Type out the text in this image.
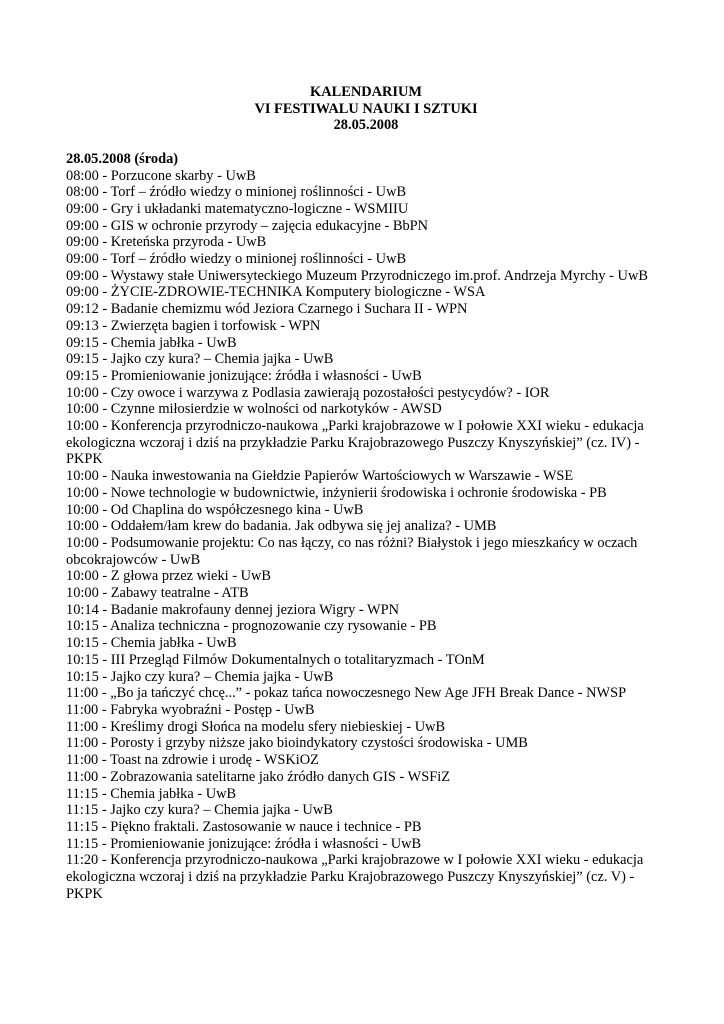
KALENDARIUM
VI FESTIWALU NAUKI I SZTUKI
28.05.2008
28.05.2008 (środa)
08:00 - Porzucone skarby - UwB
08:00 - Torf – źródło wiedzy o minionej roślinności - UwB
09:00 - Gry i układanki matematyczno-logiczne - WSMIIU
09:00 - GIS w ochronie przyrody – zajęcia edukacyjne - BbPN
09:00 - Kreteńska przyroda - UwB
09:00 - Torf – źródło wiedzy o minionej roślinności - UwB
09:00 - Wystawy stałe Uniwersyteckiego Muzeum Przyrodniczego im.prof. Andrzeja Myrchy - UwB
09:00 - ŻYCIE-ZDROWIE-TECHNIKA Komputery biologiczne - WSA
09:12 - Badanie chemizmu wód Jeziora Czarnego i Suchara II - WPN
09:13 - Zwierzęta bagien i torfowisk - WPN
09:15 - Chemia jabłka - UwB
09:15 - Jajko czy kura? – Chemia jajka - UwB
09:15 - Promieniowanie jonizujące: źródła i własności - UwB
10:00 - Czy owoce i warzywa z Podlasia zawierają pozostałości pestycydów? - IOR
10:00 - Czynne miłosierdzie w wolności od narkotyków - AWSD
10:00 - Konferencja przyrodniczo-naukowa „Parki krajobrazowe w I połowie XXI wieku - edukacja ekologiczna wczoraj i dziś na przykładzie Parku Krajobrazowego Puszczy Knyszyńskiej” (cz. IV) - PKPK
10:00 - Nauka inwestowania na Giełdzie Papierów Wartościowych w Warszawie - WSE
10:00 - Nowe technologie w budownictwie, inżynierii środowiska i ochronie środowiska - PB
10:00 - Od Chaplina do współczesnego kina - UwB
10:00 - Oddałem/łam krew do badania. Jak odbywa się jej analiza? - UMB
10:00 - Podsumowanie projektu: Co nas łączy, co nas różni? Białystok i jego mieszkańcy w oczach obcokrajowców - UwB
10:00 - Z głowa przez wieki - UwB
10:00 - Zabawy teatralne - ATB
10:14 - Badanie makrofauny dennej jeziora Wigry - WPN
10:15 - Analiza techniczna - prognozowanie czy rysowanie - PB
10:15 - Chemia jabłka - UwB
10:15 - III Przegląd Filmów Dokumentalnych o totalitaryzmach - TOnM
10:15 - Jajko czy kura? – Chemia jajka - UwB
11:00 - „Bo ja tańczyć chcę...” - pokaz tańca nowoczesnego New Age JFH Break Dance - NWSP
11:00 - Fabryka wyobraźni - Postęp - UwB
11:00 - Kreślimy drogi Słońca na modelu sfery niebieskiej - UwB
11:00 - Porosty i grzyby niższe jako bioindykatory czystości środowiska - UMB
11:00 - Toast na zdrowie i urodę - WSKiOZ
11:00 - Zobrazowania satelitarne jako źródło danych GIS - WSFiZ
11:15 - Chemia jabłka - UwB
11:15 - Jajko czy kura? – Chemia jajka - UwB
11:15 - Piękno fraktali. Zastosowanie w nauce i technice - PB
11:15 - Promieniowanie jonizujące: źródła i własności - UwB
11:20 - Konferencja przyrodniczo-naukowa „Parki krajobrazowe w I połowie XXI wieku - edukacja ekologiczna wczoraj i dziś na przykładzie Parku Krajobrazowego Puszczy Knyszyńskiej” (cz. V) - PKPK
